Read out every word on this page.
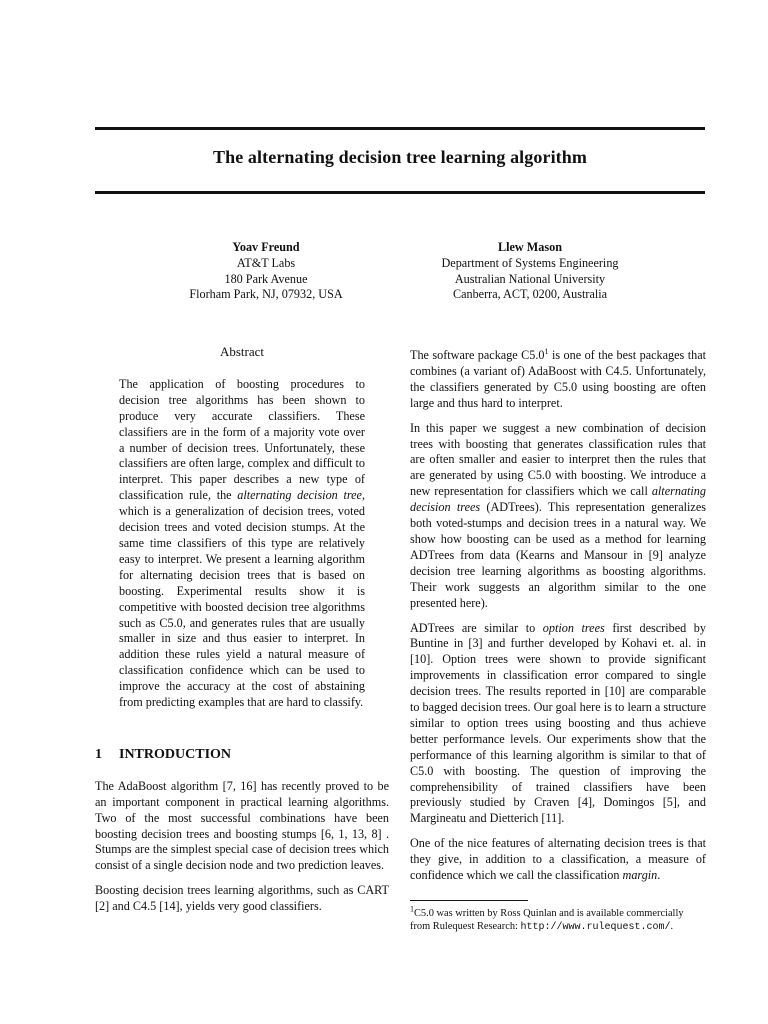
The alternating decision tree learning algorithm
Yoav Freund
AT&T Labs
180 Park Avenue
Florham Park, NJ, 07932, USA
Llew Mason
Department of Systems Engineering
Australian National University
Canberra, ACT, 0200, Australia

Abstract

The application of boosting procedures to decision tree algorithms has been shown to produce very accurate classifiers. These classifiers are in the form of a majority vote over a number of decision trees. Unfortunately, these classifiers are often large, complex and difficult to interpret. This paper describes a new type of classification rule, the alternating decision tree, which is a generalization of decision trees, voted decision trees and voted decision stumps. At the same time classifiers of this type are relatively easy to interpret. We present a learning algorithm for alternating decision trees that is based on boosting. Experimental results show it is competitive with boosted decision tree algorithms such as C5.0, and generates rules that are usually smaller in size and thus easier to interpret. In addition these rules yield a natural measure of classification confidence which can be used to improve the accuracy at the cost of abstaining from predicting examples that are hard to classify.

1 INTRODUCTION

The AdaBoost algorithm [7, 16] has recently proved to be an important component in practical learning algorithms. Two of the most successful combinations have been boosting decision trees and boosting stumps [6, 1, 13, 8] . Stumps are the simplest special case of decision trees which consist of a single decision node and two prediction leaves.

Boosting decision trees learning algorithms, such as CART [2] and C4.5 [14], yields very good classifiers.

The software package $C5.0^1$ is one of the best packages that combines (a variant of) AdaBoost with C4.5. Unfortunately, the classifiers generated by C5.0 using boosting are often large and thus hard to interpret.

In this paper we suggest a new combination of decision trees with boosting that generates classification rules that are often smaller and easier to interpret then the rules that are generated by using C5.0 with boosting. We introduce a new representation for classifiers which we call alternating decision trees (ADTrees). This representation generalizes both voted-stumps and decision trees in a natural way. We show how boosting can be used as a method for learning ADTrees from data (Kearns and Mansour in [9] analyze decision tree learning algorithms as boosting algorithms. Their work suggests an algorithm similar to the one presented here).

ADTrees are similar to option trees first described by Buntine in [3] and further developed by Kohavi et. al. in [10]. Option trees were shown to provide significant improvements in classification error compared to single decision trees. The results reported in [10] are comparable to bagged decision trees. Our goal here is to learn a structure similar to option trees using boosting and thus achieve better performance levels. Our experiments show that the performance of this learning algorithm is similar to that of C5.0 with boosting. The question of improving the comprehensibility of trained classifiers have been previously studied by Craven [4], Domingos [5], and Margineatu and Dietterich [11].

One of the nice features of alternating decision trees is that they give, in addition to a classification, a measure of confidence which we call the classification margin.

$^1$C5.0 was written by Ross Quinlan and is available commercially from Rulequest Research: http://www.rulequest.com/.
